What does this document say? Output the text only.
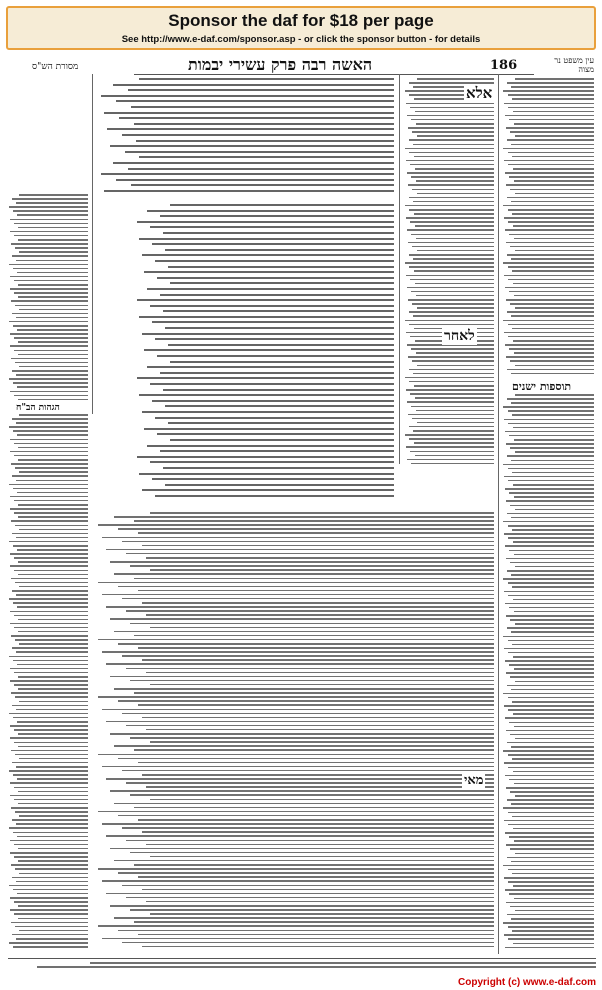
Sponsor the daf for $18 per page
See http://www.e-daf.com/sponsor.asp - or click the sponsor button - for details
186
האשה רבה פרק עשירי יבמות
מסורת הש"ס
עין משפט נר מצוה
אלא
לאחר
מאי
תוספות ישנים
הגהות הב"ח
Copyright (c) www.e-daf.com
